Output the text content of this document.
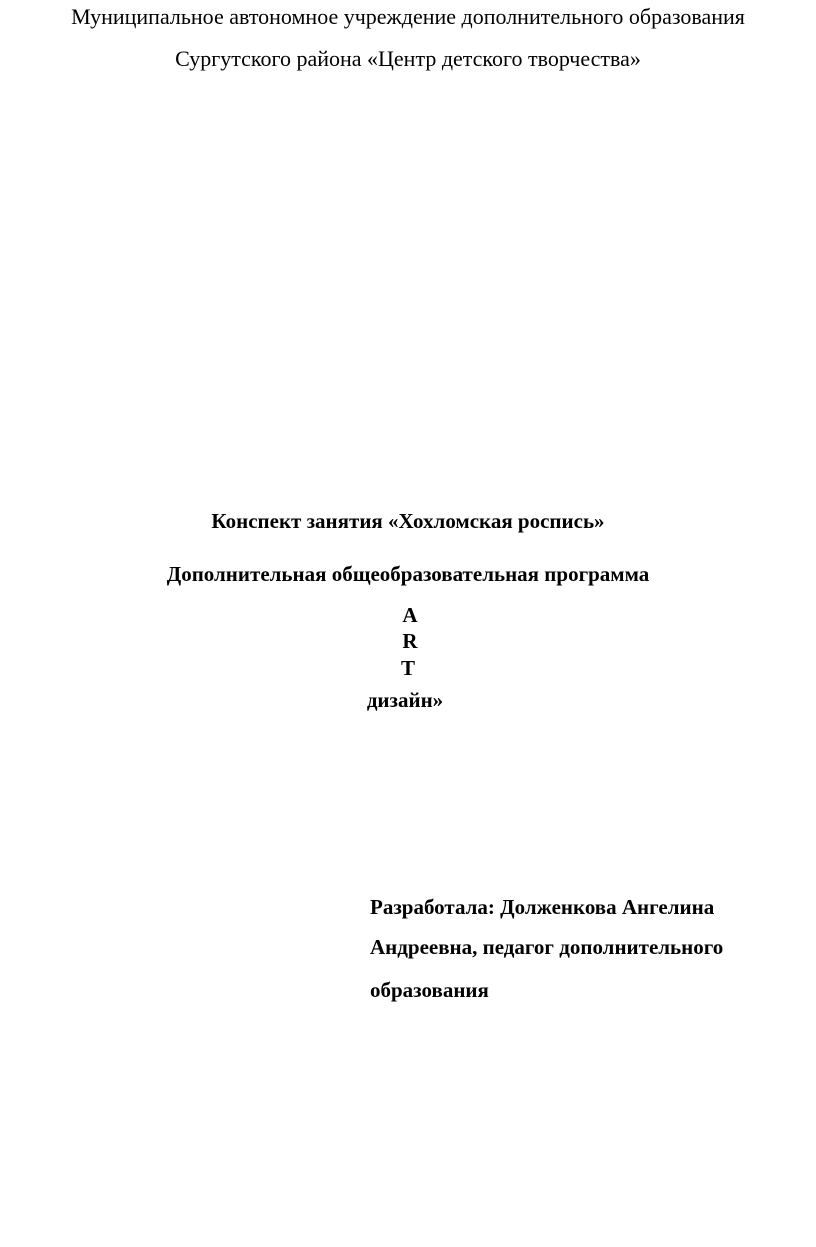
Муниципальное автономное учреждение дополнительного образования
Сургутского района «Центр детского творчества»
Конспект занятия «Хохломская роспись»
Дополнительная общеобразовательная программа
A
R
T
дизайн»
Разработала: Долженкова Ангелина
Андреевна, педагог дополнительного
образования
